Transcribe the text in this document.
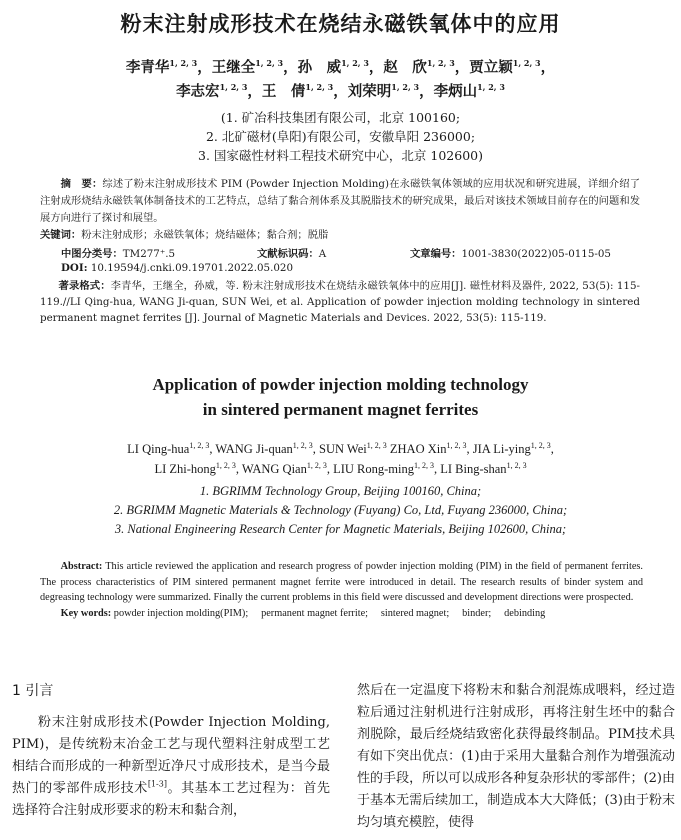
粉末注射成形技术在烧结永磁铁氧体中的应用
李青华$^{1, 2, 3}$，王继全$^{1, 2, 3}$，孙　威$^{1, 2, 3}$，赵　欣$^{1, 2, 3}$，贾立颖$^{1, 2, 3}$，
李志宏$^{1, 2, 3}$，王　倩$^{1, 2, 3}$，刘荣明$^{1, 2, 3}$，李炳山$^{1, 2, 3}$
(1. 矿冶科技集团有限公司，北京 100160;
2. 北矿磁材(阜阳)有限公司，安徽阜阳 236000;
3. 国家磁性材料工程技术研究中心，北京 102600)

摘　要：综述了粉末注射成形技术 PIM (Powder Injection Molding)在永磁铁氧体领域的应用状况和研究进展，详细介绍了注射成形烧结永磁铁氧体制备技术的工艺特点，总结了黏合剂体系及其脱脂技术的研究成果，最后对该技术领域目前存在的问题和发展方向进行了探讨和展望。

关键词：粉末注射成形；永磁铁氧体；烧结磁体；黏合剂；脱脂

中图分类号：TM277⁺.5	文献标识码：A	文章编号：1001-3830(2022)05-0115-05
DOI: 10.19594/j.cnki.09.19701.2022.05.020

著录格式：李青华，王继全，孙威，等. 粉末注射成形技术在烧结永磁铁氧体中的应用[J]. 磁性材料及器件, 2022, 53(5): 115-119.//LI Qing-hua, WANG Ji-quan, SUN Wei, et al. Application of powder injection molding technology in sintered permanent magnet ferrites [J]. Journal of Magnetic Materials and Devices. 2022, 53(5): 115-119.

Application of powder injection molding technology
in sintered permanent magnet ferrites
LI Qing-hua$^{1, 2, 3}$, WANG Ji-quan$^{1, 2, 3}$, SUN Wei$^{1, 2, 3}$ ZHAO Xin$^{1, 2, 3}$, JIA Li-ying$^{1, 2, 3}$,
LI Zhi-hong$^{1, 2, 3}$, WANG Qian$^{1, 2, 3}$, LIU Rong-ming$^{1, 2, 3}$, LI Bing-shan$^{1, 2, 3}$
1. BGRIMM Technology Group, Beijing 100160, China;
2. BGRIMM Magnetic Materials & Technology (Fuyang) Co, Ltd, Fuyang 236000, China;
3. National Engineering Research Center for Magnetic Materials, Beijing 102600, China;

Abstract: This article reviewed the application and research progress of powder injection molding (PIM) in the field of permanent ferrites. The process characteristics of PIM sintered permanent magnet ferrite were introduced in detail. The research results of binder system and degreasing technology were summarized. Finally the current problems in this field were discussed and development directions were prospected.

Key words: powder injection molding(PIM);　 permanent magnet ferrite;　 sintered magnet;　 binder;　 debinding

1 引言

粉末注射成形技术(Powder Injection Molding, PIM)，是传统粉末冶金工艺与现代塑料注射成型工艺相结合而形成的一种新型近净尺寸成形技术，是当今最热门的零部件成形技术[1-3]。其基本工艺过程为：首先选择符合注射成形要求的粉末和黏合剂，

然后在一定温度下将粉末和黏合剂混炼成喂料，经过造粒后通过注射机进行注射成形，再将注射生坯中的黏合剂脱除，最后经烧结致密化获得最终制品。PIM技术具有如下突出优点：(1)由于采用大量黏合剂作为增强流动性的手段，所以可以成形各种复杂形状的零部件；(2)由于基本无需后续加工，制造成本大大降低；(3)由于粉末均匀填充模腔，使得
